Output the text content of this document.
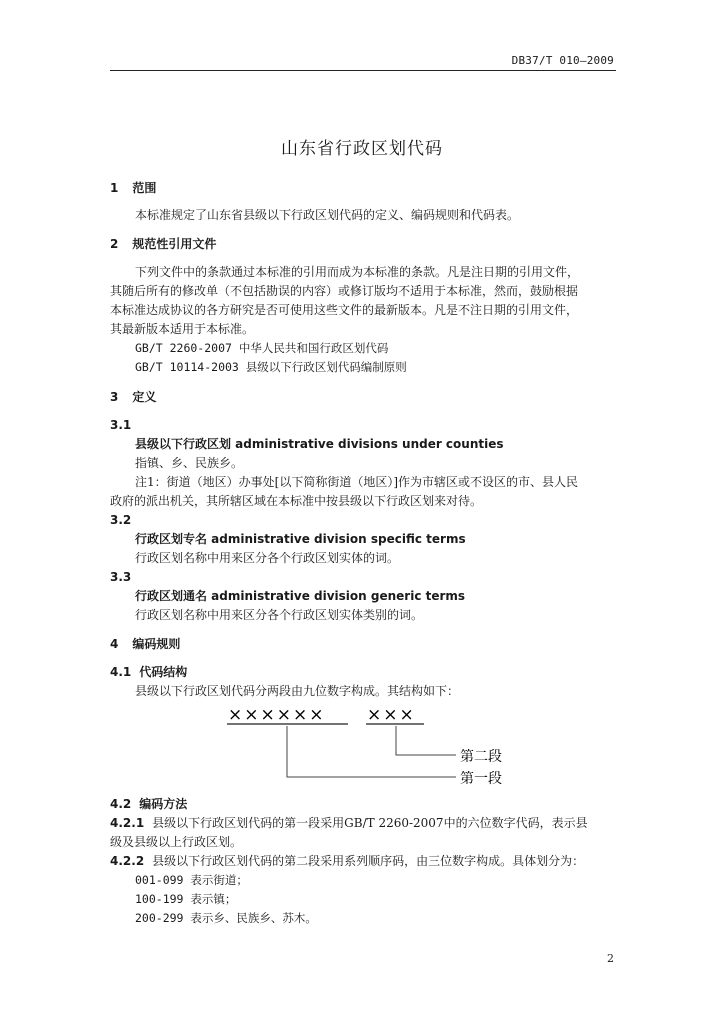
DB37/T 010—2009
山东省行政区划代码
1 范围
本标准规定了山东省县级以下行政区划代码的定义、编码规则和代码表。
2 规范性引用文件
下列文件中的条款通过本标准的引用而成为本标准的条款。凡是注日期的引用文件，
其随后所有的修改单（不包括勘误的内容）或修订版均不适用于本标准，然而，鼓励根据
本标准达成协议的各方研究是否可使用这些文件的最新版本。凡是不注日期的引用文件，
其最新版本适用于本标准。
GB/T 2260-2007 中华人民共和国行政区划代码
GB/T 10114-2003 县级以下行政区划代码编制原则
3 定义
3.1
县级以下行政区划 administrative divisions under counties
指镇、乡、民族乡。
注1：街道（地区）办事处[以下简称街道（地区）]作为市辖区或不设区的市、县人民
政府的派出机关，其所辖区域在本标准中按县级以下行政区划来对待。
3.2
行政区划专名 administrative division specific terms
行政区划名称中用来区分各个行政区划实体的词。
3.3
行政区划通名 administrative division generic terms
行政区划名称中用来区分各个行政区划实体类别的词。
4 编码规则
4.1 代码结构
县级以下行政区划代码分两段由九位数字构成。其结构如下：
×××××× ×××
第二段
第一段
4.2 编码方法
4.2.1 县级以下行政区划代码的第一段采用GB/T 2260-2007中的六位数字代码，表示县
级及县级以上行政区划。
4.2.2 县级以下行政区划代码的第二段采用系列顺序码，由三位数字构成。具体划分为：
001-099 表示街道；
100-199 表示镇；
200-299 表示乡、民族乡、苏木。
2
